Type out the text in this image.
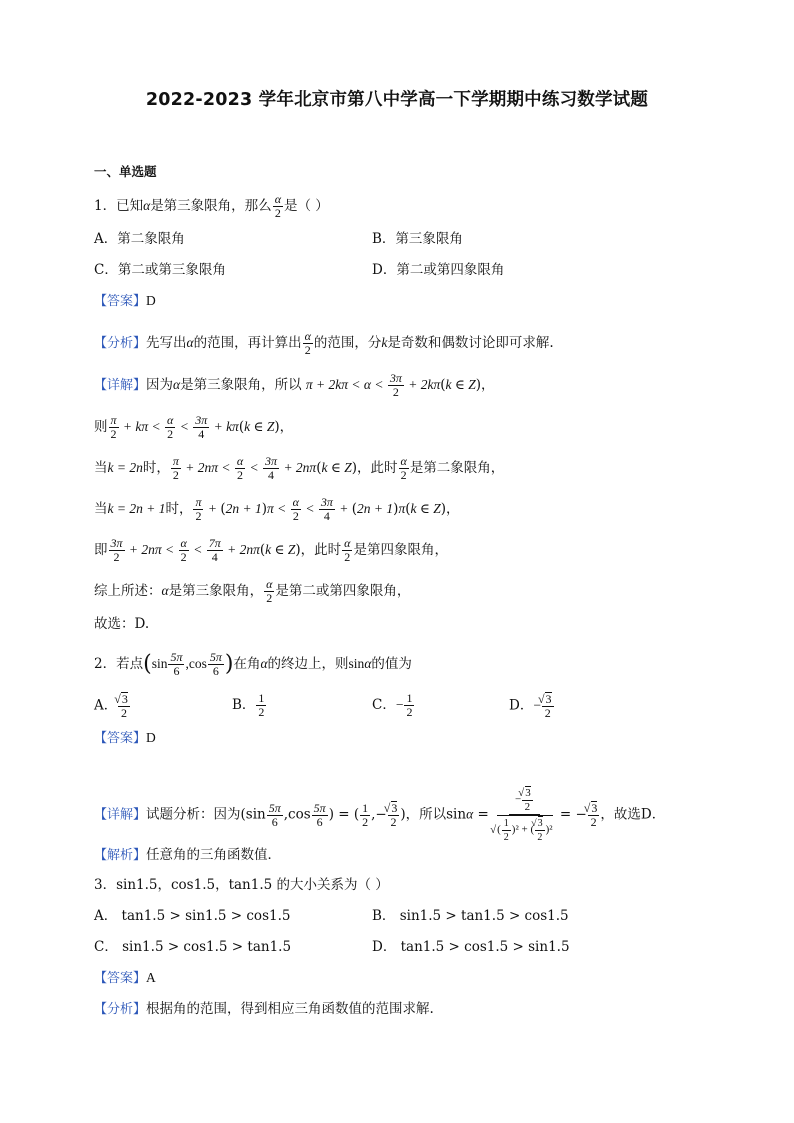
2022-2023 学年北京市第八中学高一下学期期中练习数学试题
一、单选题
1．已知α是第三象限角，那么 $\frac{\alpha}{2}$ 是（ ）
A．第二象限角	B．第三象限角
C．第二或第三象限角	D．第二或第四象限角
【答案】D
【分析】先写出α的范围，再计算出 $\frac{\alpha}{2}$ 的范围，分k是奇数和偶数讨论即可求解.
【详解】因为α是第三象限角，所以 $\pi + 2k\pi < \alpha < \frac{3\pi}{2} + 2k\pi(k$ ∈ Z)，
则 $\frac{\pi}{2} + k\pi < \frac{\alpha}{2} < \frac{3\pi}{4} + k\pi(k$ ∈ Z)，
当k = 2n时， $\frac{\pi}{2} + 2n\pi < \frac{\alpha}{2} < \frac{3\pi}{4} + 2n\pi(k$ ∈ Z)，此时 $\frac{\alpha}{2}$ 是第二象限角，
当k = 2n + 1时， $\frac{\pi}{2} + (2n + 1)\pi < \frac{\alpha}{2} < \frac{3\pi}{4} + (2n + 1)\pi(k$ ∈ Z)，
即 $\frac{3\pi}{2} + 2n\pi < \frac{\alpha}{2} < \frac{7\pi}{4} + 2n\pi(k$ ∈ Z)，此时 $\frac{\alpha}{2}$ 是第四象限角，
综上所述：α是第三象限角， $\frac{\alpha}{2}$ 是第二或第四象限角，
故选：D.
2．若点($\sin \frac{5\pi}{6} ,\cos \frac{5\pi}{6}$ )在角α的终边上，则sinα的值为
A． √ $\frac{3}{2}$	B． $\frac{1}{2}$	C．− $\frac{1}{2}$	D．− √ $\frac{3}{2}$
【答案】D
【详解】试题分析：因为($\sin \frac{5\pi}{6} ,\cos \frac{5\pi}{6}$ ) = ( $\frac{1}{2}$ ,− √ $\frac{3}{2}$ )，所以sinα = − √ $\frac{3}{2}$
√ ( $\frac{1}{2} )^2$ + ( √ $\frac{3}{2} )^2$ = − √ $\frac{3}{2}$ ，故选D．
【解析】任意角的三角函数值．
3．sin1.5，cos1.5，tan1.5 的大小关系为（ ）
A． tan1.5 > sin1.5 > cos1.5	B． sin1.5 > tan1.5 > cos1.5
C． sin1.5 > cos1.5 > tan1.5	D． tan1.5 > cos1.5 > sin1.5
【答案】A
【分析】根据角的范围，得到相应三角函数值的范围求解.
